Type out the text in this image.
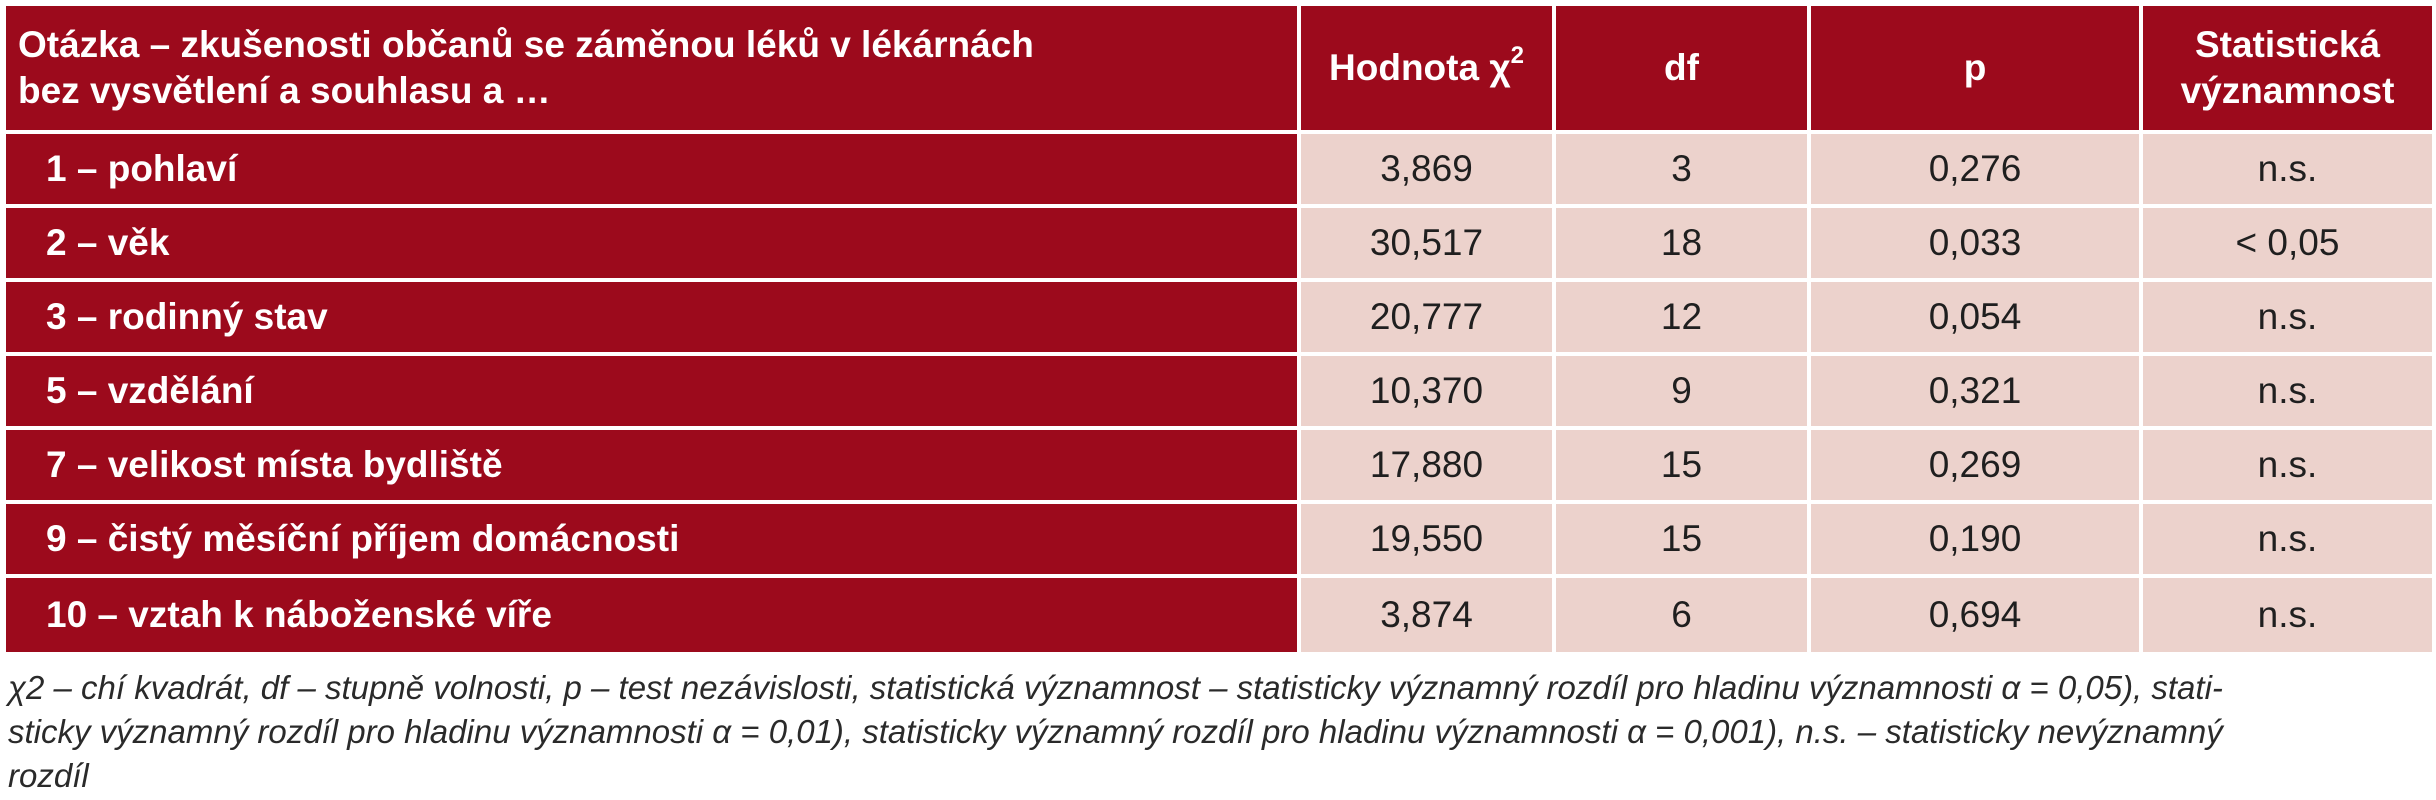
Otázka – zkušenosti občanů se záměnou léků v lékárnách
bez vysvětlení a souhlasu a …	Hodnota $\chi^2$	df	p	Statistická
významnost
1 – pohlaví	3,869	3	0,276	n.s.
2 – věk	30,517	18	0,033	< 0,05
3 – rodinný stav	20,777	12	0,054	n.s.
5 – vzdělání	10,370	9	0,321	n.s.
7 – velikost místa bydliště	17,880	15	0,269	n.s.
9 – čistý měsíční příjem domácnosti	19,550	15	0,190	n.s.
10 – vztah k náboženské víře	3,874	6	0,694	n.s.
χ2 – chí kvadrát, df – stupně volnosti, p – test nezávislosti, statistická významnost – statisticky významný rozdíl pro hladinu významnosti α = 0,05), stati-
sticky významný rozdíl pro hladinu významnosti α = 0,01), statisticky významný rozdíl pro hladinu významnosti α = 0,001), n.s. – statisticky nevýznamný
rozdíl
